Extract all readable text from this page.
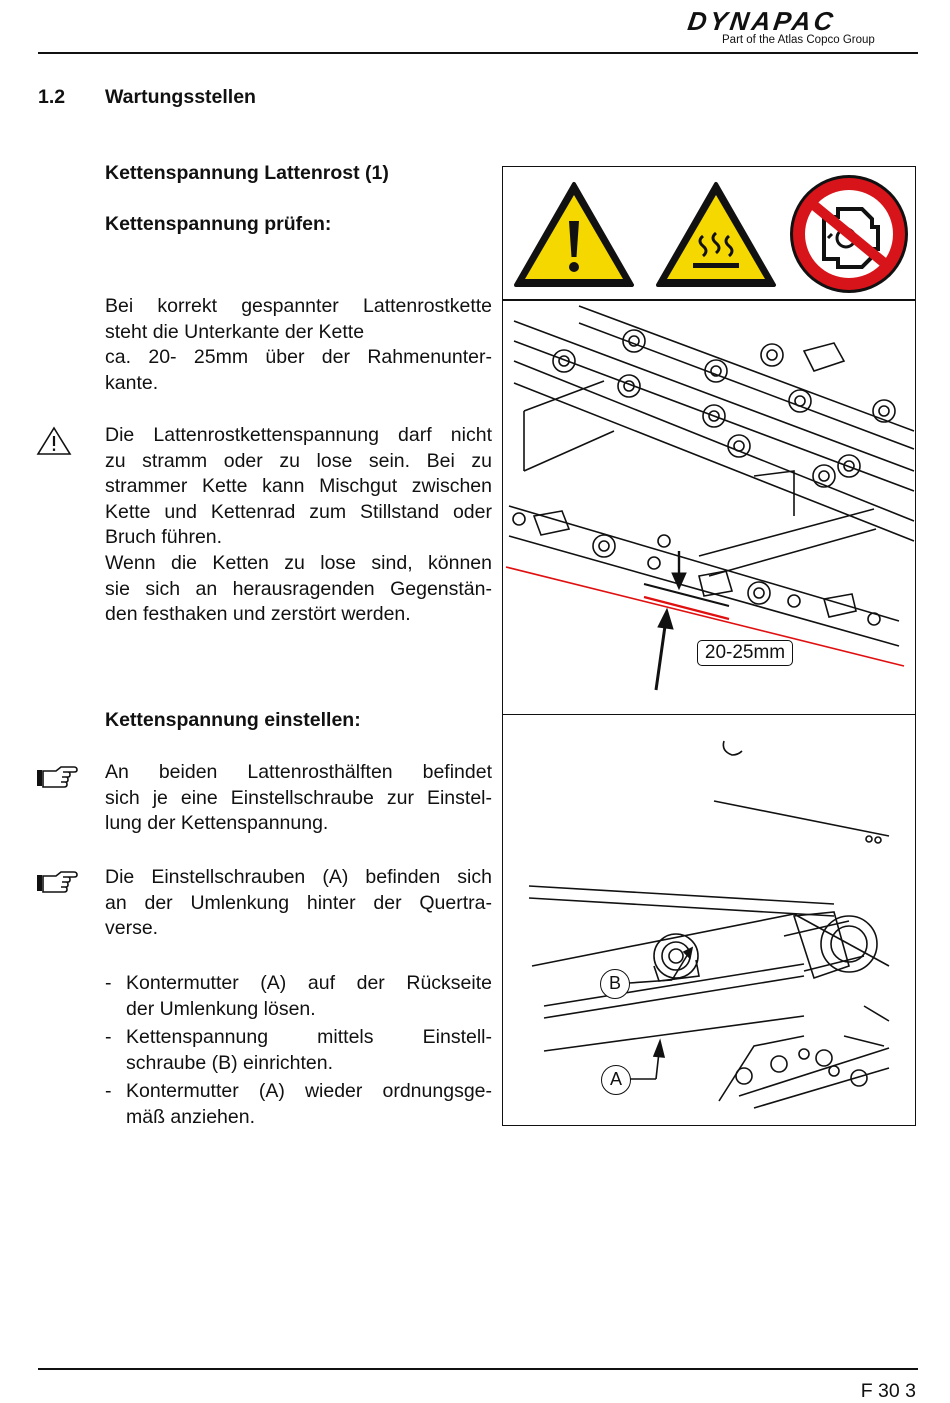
DYNAPAC
Part of the Atlas Copco Group
1.2 Wartungsstellen
Kettenspannung Lattenrost (1)
Kettenspannung prüfen:
Bei korrekt gespannter Lattenrostkette
steht die Unterkante der Kette
ca. 20- 25mm über der Rahmenunter-
kante.
Die Lattenrostkettenspannung darf nicht
zu stramm oder zu lose sein. Bei zu
strammer Kette kann Mischgut zwischen
Kette und Kettenrad zum Stillstand oder
Bruch führen.
Wenn die Ketten zu lose sind, können
sie sich an herausragenden Gegenstän-
den festhaken und zerstört werden.
Kettenspannung einstellen:
An beiden Lattenrosthälften befindet
sich je eine Einstellschraube zur Einstel-
lung der Kettenspannung.
Die Einstellschrauben (A) befinden sich
an der Umlenkung hinter der Quertra-
verse.
- Kontermutter (A) auf der Rückseite
der Umlenkung lösen.
- Kettenspannung mittels Einstell-
schraube (B) einrichten.
- Kontermutter (A) wieder ordnungsge-
mäß anziehen.
20-25mm
B
A
F 30 3
